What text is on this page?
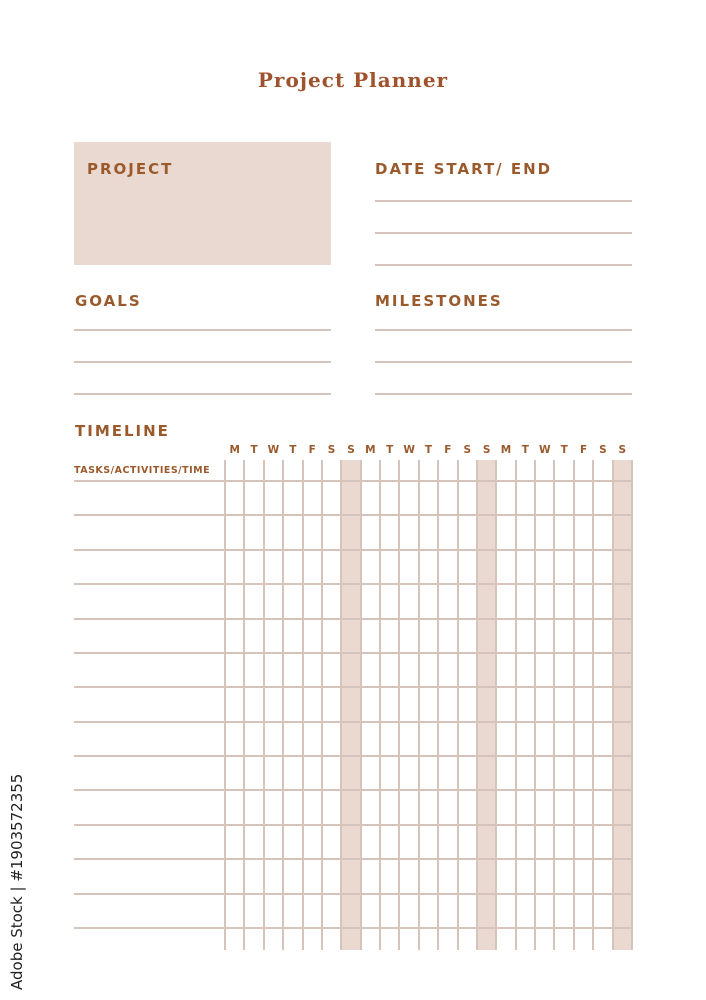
Project Planner
PROJECT	DATE START/ END
GOALS	MILESTONES
TIMELINE
TASKS/ACTIVITIES/TIME
M	T W T	F	S	S M	T W T	F	S	S M	T W T	F	S	S
Adobe Stock | #1903572355
